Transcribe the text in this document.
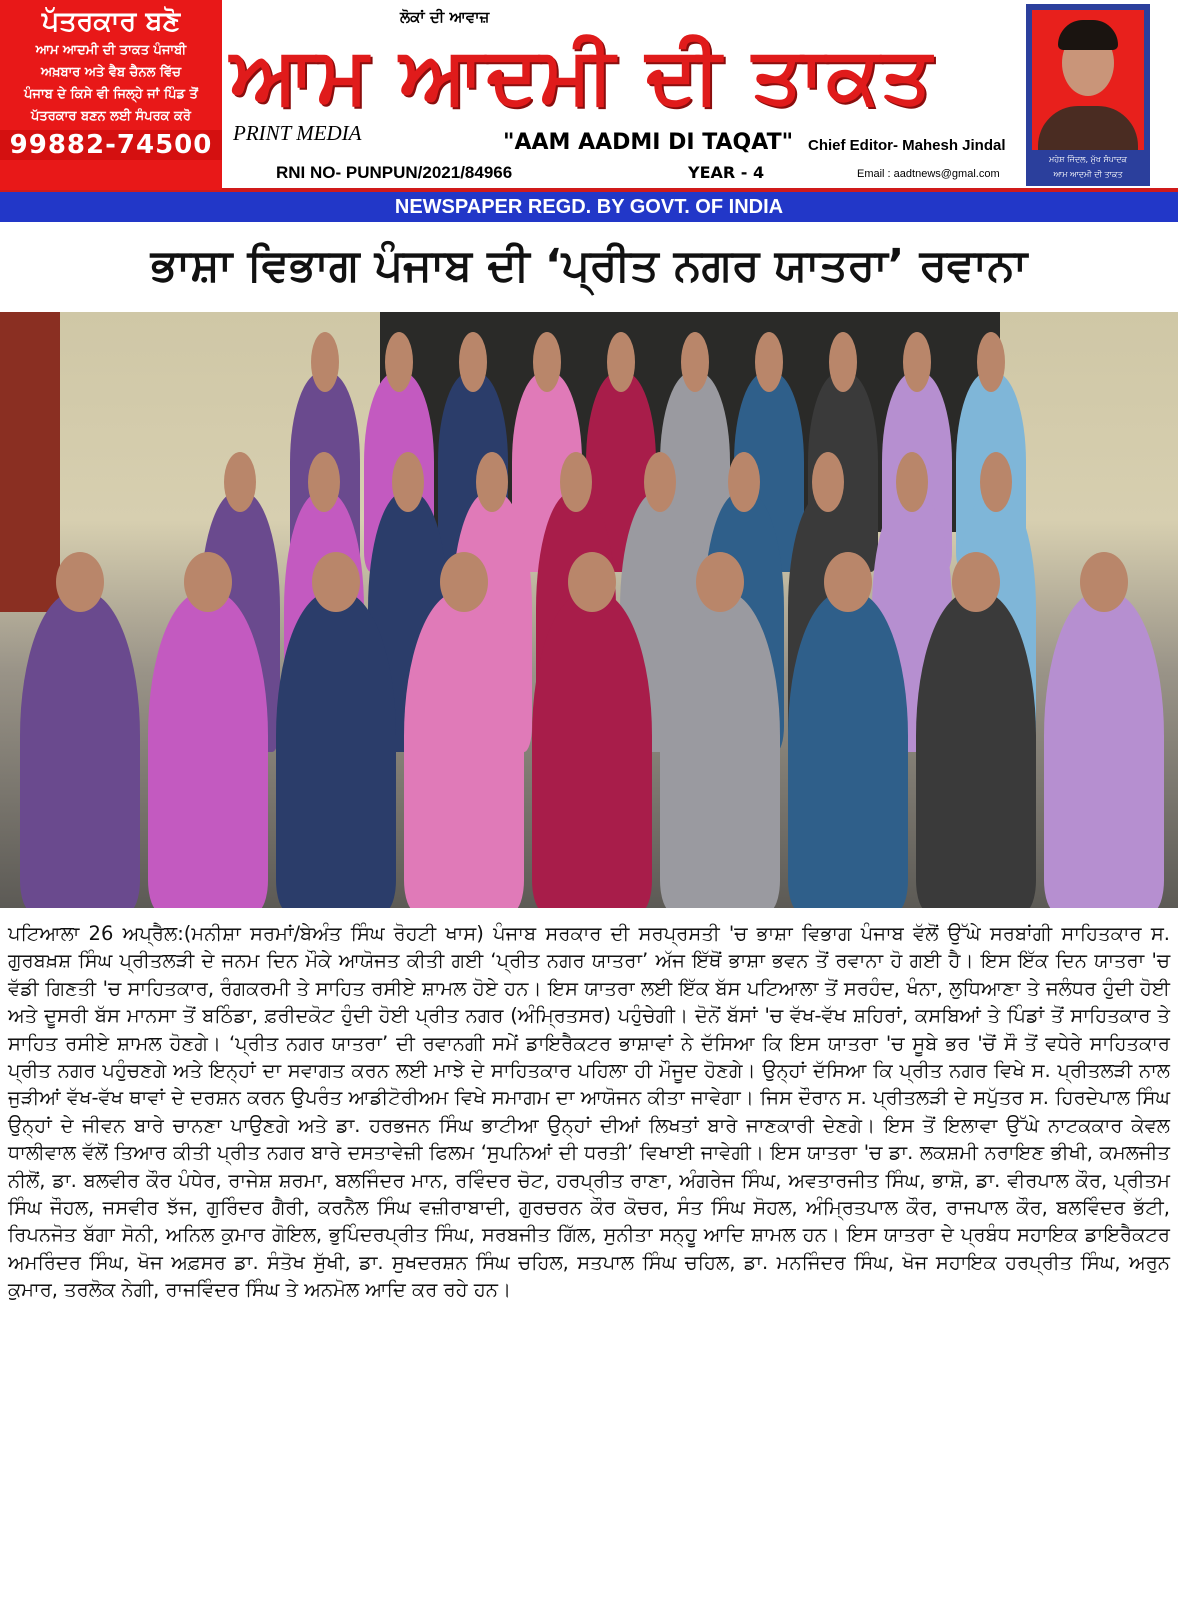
ਪੱਤਰਕਾਰ ਬਣੋ
ਆਮ ਆਦਮੀ ਦੀ ਤਾਕਤ ਪੰਜਾਬੀ
ਅਖ਼ਬਾਰ ਅਤੇ ਵੈਬ ਚੈਨਲ ਵਿੱਚ
ਪੰਜਾਬ ਦੇ ਕਿਸੇ ਵੀ ਜਿਲ੍ਹੇ ਜਾਂ ਪਿੰਡ ਤੋਂ
ਪੱਤਰਕਾਰ ਬਣਨ ਲਈ ਸੰਪਰਕ ਕਰੋ
99882-74500
ਲੋਕਾਂ ਦੀ ਆਵਾਜ਼
ਆਮ ਆਦਮੀ ਦੀ ਤਾਕਤ
PRINT MEDIA	"AAM AADMI DI TAQAT" Chief Editor- Mahesh Jindal
RNI NO- PUNPUN/2021/84966	YEAR - 4	Email : aadtnews@gmal.com
ਮਹੇਸ਼ ਜਿੰਦਲ, ਮੁੱਖ ਸੰਪਾਦਕ
ਆਮ ਆਦਮੀ ਦੀ ਤਾਕਤ
NEWSPAPER REGD. BY GOVT. OF INDIA
ਭਾਸ਼ਾ ਵਿਭਾਗ ਪੰਜਾਬ ਦੀ ‘ਪ੍ਰੀਤ ਨਗਰ ਯਾਤਰਾ’ ਰਵਾਨਾ
ਪਟਿਆਲਾ 26 ਅਪ੍ਰੈਲ:(ਮਨੀਸ਼ਾ ਸਰਮਾਂ/ਬੇਅੰਤ ਸਿੰਘ ਰੋਹਟੀ ਖਾਸ) ਪੰਜਾਬ ਸਰਕਾਰ ਦੀ ਸਰਪ੍ਰਸਤੀ 'ਚ ਭਾਸ਼ਾ ਵਿਭਾਗ ਪੰਜਾਬ ਵੱਲੋਂ ਉੱਘੇ ਸਰਬਾਂਗੀ ਸਾਹਿਤਕਾਰ ਸ. ਗੁਰਬਖ਼ਸ਼ ਸਿੰਘ ਪ੍ਰੀਤਲੜੀ ਦੇ ਜਨਮ ਦਿਨ ਮੌਕੇ ਆਯੋਜਤ ਕੀਤੀ ਗਈ ‘ਪ੍ਰੀਤ ਨਗਰ ਯਾਤਰਾ’ ਅੱਜ ਇੱਥੋਂ ਭਾਸ਼ਾ ਭਵਨ ਤੋਂ ਰਵਾਨਾ ਹੋ ਗਈ ਹੈ। ਇਸ ਇੱਕ ਦਿਨ ਯਾਤਰਾ 'ਚ ਵੱਡੀ ਗਿਣਤੀ 'ਚ ਸਾਹਿਤਕਾਰ, ਰੰਗਕਰਮੀ ਤੇ ਸਾਹਿਤ ਰਸੀਏ ਸ਼ਾਮਲ ਹੋਏ ਹਨ। ਇਸ ਯਾਤਰਾ ਲਈ ਇੱਕ ਬੱਸ ਪਟਿਆਲਾ ਤੋਂ ਸਰਹੰਦ, ਖੰਨਾ, ਲੁਧਿਆਣਾ ਤੇ ਜਲੰਧਰ ਹੁੰਦੀ ਹੋਈ ਅਤੇ ਦੂਸਰੀ ਬੱਸ ਮਾਨਸਾ ਤੋਂ ਬਠਿੰਡਾ, ਫ਼ਰੀਦਕੋਟ ਹੁੰਦੀ ਹੋਈ ਪ੍ਰੀਤ ਨਗਰ (ਅੰਮ੍ਰਿਤਸਰ) ਪਹੁੰਚੇਗੀ। ਦੋਨੋਂ ਬੱਸਾਂ 'ਚ ਵੱਖ-ਵੱਖ ਸ਼ਹਿਰਾਂ, ਕਸਬਿਆਂ ਤੇ ਪਿੰਡਾਂ ਤੋਂ ਸਾਹਿਤਕਾਰ ਤੇ ਸਾਹਿਤ ਰਸੀਏ ਸ਼ਾਮਲ ਹੋਣਗੇ। ‘ਪ੍ਰੀਤ ਨਗਰ ਯਾਤਰਾ’ ਦੀ ਰਵਾਨਗੀ ਸਮੇਂ ਡਾਇਰੈਕਟਰ ਭਾਸ਼ਾਵਾਂ ਨੇ ਦੱਸਿਆ ਕਿ ਇਸ ਯਾਤਰਾ 'ਚ ਸੂਬੇ ਭਰ 'ਚੋਂ ਸੌ ਤੋਂ ਵਧੇਰੇ ਸਾਹਿਤਕਾਰ ਪ੍ਰੀਤ ਨਗਰ ਪਹੁੰਚਣਗੇ ਅਤੇ ਇਨ੍ਹਾਂ ਦਾ ਸਵਾਗਤ ਕਰਨ ਲਈ ਮਾਝੇ ਦੇ ਸਾਹਿਤਕਾਰ ਪਹਿਲਾ ਹੀ ਮੌਜੂਦ ਹੋਣਗੇ। ਉਨ੍ਹਾਂ ਦੱਸਿਆ ਕਿ ਪ੍ਰੀਤ ਨਗਰ ਵਿਖੇ ਸ. ਪ੍ਰੀਤਲੜੀ ਨਾਲ ਜੁੜੀਆਂ ਵੱਖ-ਵੱਖ ਥਾਵਾਂ ਦੇ ਦਰਸ਼ਨ ਕਰਨ ਉਪਰੰਤ ਆਡੀਟੋਰੀਅਮ ਵਿਖੇ ਸਮਾਗਮ ਦਾ ਆਯੋਜਨ ਕੀਤਾ ਜਾਵੇਗਾ। ਜਿਸ ਦੌਰਾਨ ਸ. ਪ੍ਰੀਤਲੜੀ ਦੇ ਸਪੁੱਤਰ ਸ. ਹਿਰਦੇਪਾਲ ਸਿੰਘ ਉਨ੍ਹਾਂ ਦੇ ਜੀਵਨ ਬਾਰੇ ਚਾਨਣਾ ਪਾਉਣਗੇ ਅਤੇ ਡਾ. ਹਰਭਜਨ ਸਿੰਘ ਭਾਟੀਆ ਉਨ੍ਹਾਂ ਦੀਆਂ ਲਿਖਤਾਂ ਬਾਰੇ ਜਾਣਕਾਰੀ ਦੇਣਗੇ। ਇਸ ਤੋਂ ਇਲਾਵਾ ਉੱਘੇ ਨਾਟਕਕਾਰ ਕੇਵਲ ਧਾਲੀਵਾਲ ਵੱਲੋਂ ਤਿਆਰ ਕੀਤੀ ਪ੍ਰੀਤ ਨਗਰ ਬਾਰੇ ਦਸਤਾਵੇਜ਼ੀ ਫਿਲਮ ‘ਸੁਪਨਿਆਂ ਦੀ ਧਰਤੀ’ ਵਿਖਾਈ ਜਾਵੇਗੀ। ਇਸ ਯਾਤਰਾ 'ਚ ਡਾ. ਲਕਸ਼ਮੀ ਨਰਾਇਣ ਭੀਖੀ, ਕਮਲਜੀਤ ਨੀਲੋਂ, ਡਾ. ਬਲਵੀਰ ਕੌਰ ਪੰਧੇਰ, ਰਾਜੇਸ਼ ਸ਼ਰਮਾ, ਬਲਜਿੰਦਰ ਮਾਨ, ਰਵਿੰਦਰ ਚੋਟ, ਹਰਪ੍ਰੀਤ ਰਾਣਾ, ਅੰਗਰੇਜ ਸਿੰਘ, ਅਵਤਾਰਜੀਤ ਸਿੰਘ, ਭਾਸ਼ੋ, ਡਾ. ਵੀਰਪਾਲ ਕੌਰ, ਪ੍ਰੀਤਮ ਸਿੰਘ ਜੌਹਲ, ਜਸਵੀਰ ਝੱਜ, ਗੁਰਿੰਦਰ ਗੈਰੀ, ਕਰਨੈਲ ਸਿੰਘ ਵਜ਼ੀਰਾਬਾਦੀ, ਗੁਰਚਰਨ ਕੌਰ ਕੋਚਰ, ਸੰਤ ਸਿੰਘ ਸੋਹਲ, ਅੰਮ੍ਰਿਤਪਾਲ ਕੌਰ, ਰਾਜਪਾਲ ਕੌਰ, ਬਲਵਿੰਦਰ ਭੱਟੀ, ਰਿਪਨਜੋਤ ਬੱਗਾ ਸੋਨੀ, ਅਨਿਲ ਕੁਮਾਰ ਗੋਇਲ, ਭੁਪਿੰਦਰਪ੍ਰੀਤ ਸਿੰਘ, ਸਰਬਜੀਤ ਗਿੱਲ, ਸੁਨੀਤਾ ਸਨ੍ਹੂ ਆਦਿ ਸ਼ਾਮਲ ਹਨ। ਇਸ ਯਾਤਰਾ ਦੇ ਪ੍ਰਬੰਧ ਸਹਾਇਕ ਡਾਇਰੈਕਟਰ ਅਮਰਿੰਦਰ ਸਿੰਘ, ਖੋਜ ਅਫ਼ਸਰ ਡਾ. ਸੰਤੋਖ ਸੁੱਖੀ, ਡਾ. ਸੁਖਦਰਸ਼ਨ ਸਿੰਘ ਚਹਿਲ, ਸਤਪਾਲ ਸਿੰਘ ਚਹਿਲ, ਡਾ. ਮਨਜਿੰਦਰ ਸਿੰਘ, ਖੋਜ ਸਹਾਇਕ ਹਰਪ੍ਰੀਤ ਸਿੰਘ, ਅਰੁਨ ਕੁਮਾਰ, ਤਰਲੋਕ ਨੇਗੀ, ਰਾਜਵਿੰਦਰ ਸਿੰਘ ਤੇ ਅਨਮੋਲ ਆਦਿ ਕਰ ਰਹੇ ਹਨ।
